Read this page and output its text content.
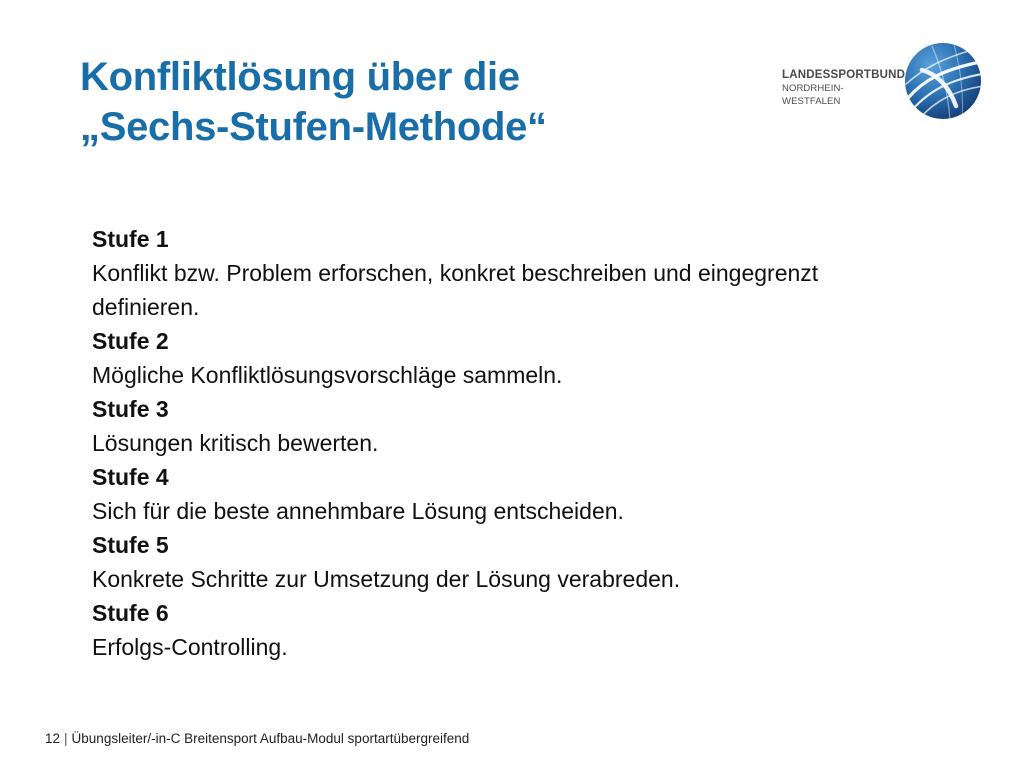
Konfliktlösung über die
„Sechs-Stufen-Methode“
LANDESSPORTBUND
NORDRHEIN-WESTFALEN
Stufe 1
Konflikt bzw. Problem erforschen, konkret beschreiben und eingegrenzt definieren.
Stufe 2
Mögliche Konfliktlösungsvorschläge sammeln.
Stufe 3
Lösungen kritisch bewerten.
Stufe 4
Sich für die beste annehmbare Lösung entscheiden.
Stufe 5
Konkrete Schritte zur Umsetzung der Lösung verabreden.
Stufe 6
Erfolgs-Controlling.
12 | Übungsleiter/-in-C Breitensport Aufbau-Modul sportartübergreifend
